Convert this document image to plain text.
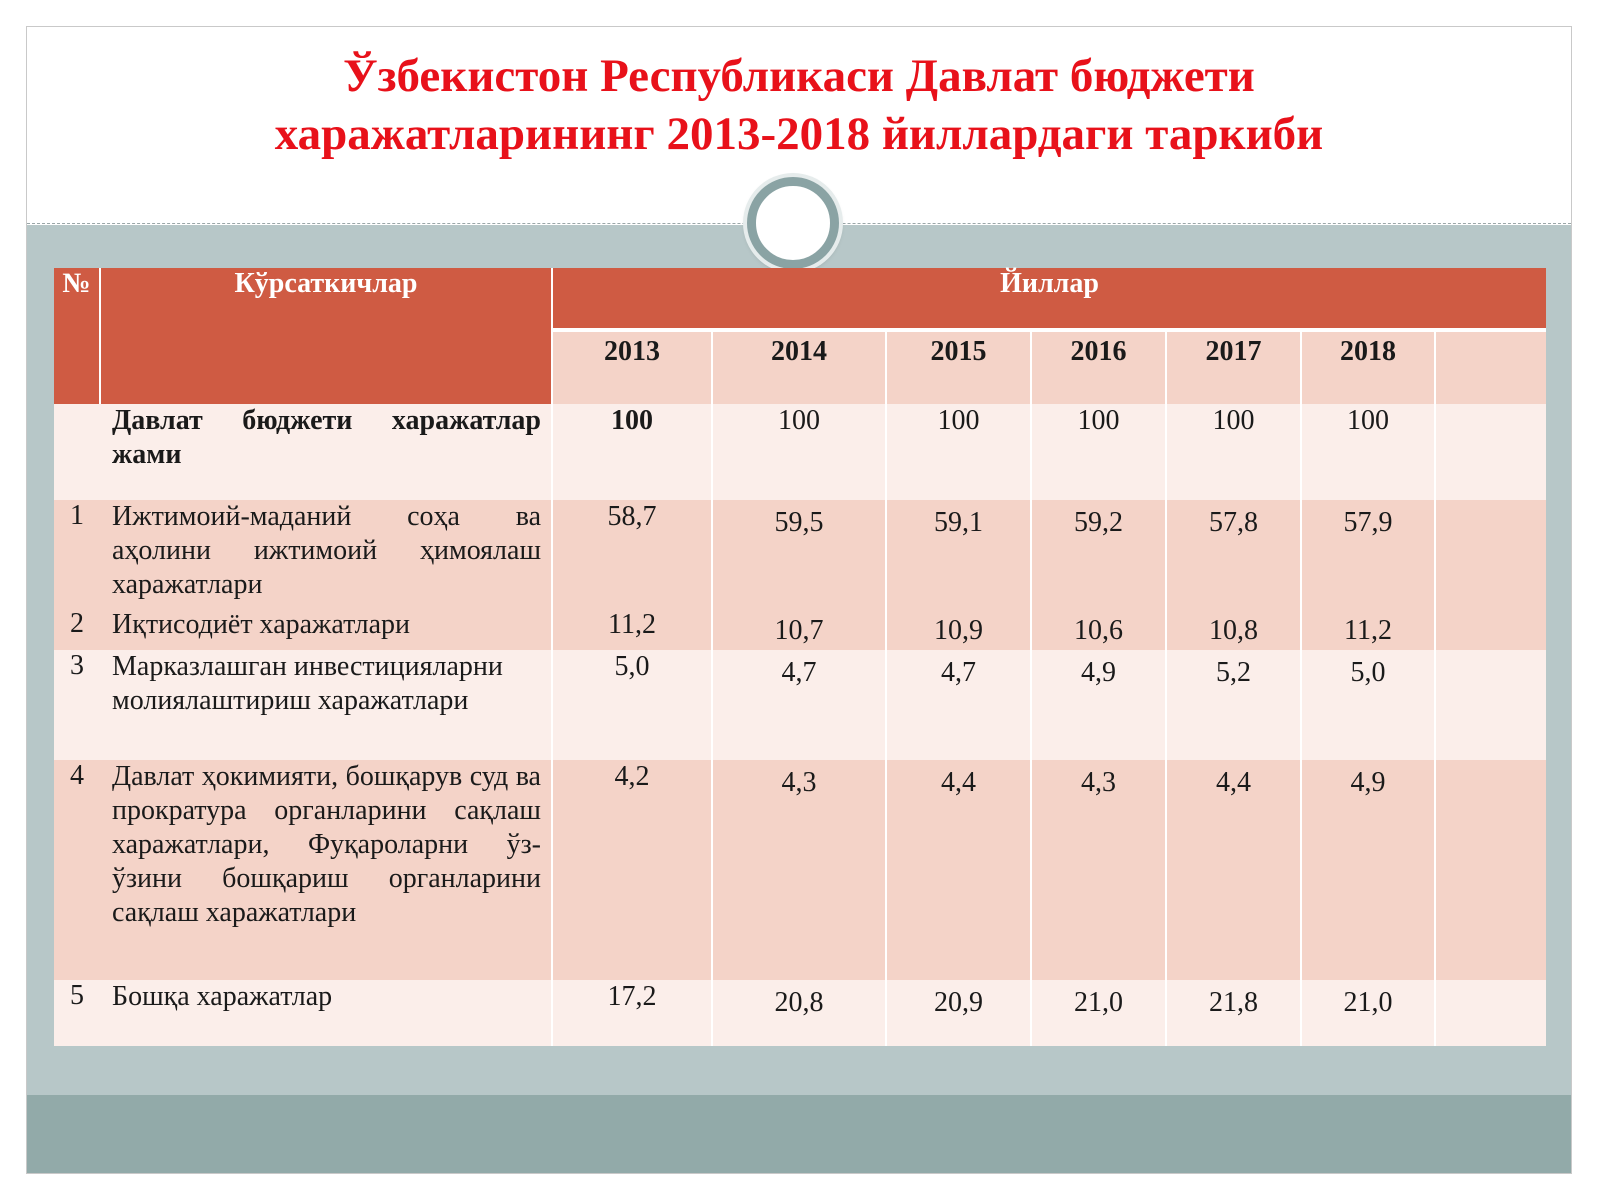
Ўзбекистон Республикаси Давлат бюджети
харажатларининг 2013-2018 йиллардаги таркиби
№	Кўрсаткичлар	Йиллар						
		2013	2014	2015	2016	2017	2018	
	Давлат бюджети харажатлар жами	100	100	100	100	100	100	
1	Ижтимоий-маданий соҳа ва аҳолини ижтимоий ҳимоялаш харажатлари	58,7	59,5	59,1	59,2	57,8	57,9	
2	Иқтисодиёт харажатлари	11,2	10,7	10,9	10,6	10,8	11,2	
3	Марказлашган инвестицияларни молиялаштириш харажатлари	5,0	4,7	4,7	4,9	5,2	5,0	
4	Давлат ҳокимияти, бошқарув суд ва прократура органларини сақлаш харажатлари, Фуқароларни ўз-ўзини бошқариш органларини сақлаш харажатлари	4,2	4,3	4,4	4,3	4,4	4,9	
5	Бошқа харажатлар	17,2	20,8	20,9	21,0	21,8	21,0	
